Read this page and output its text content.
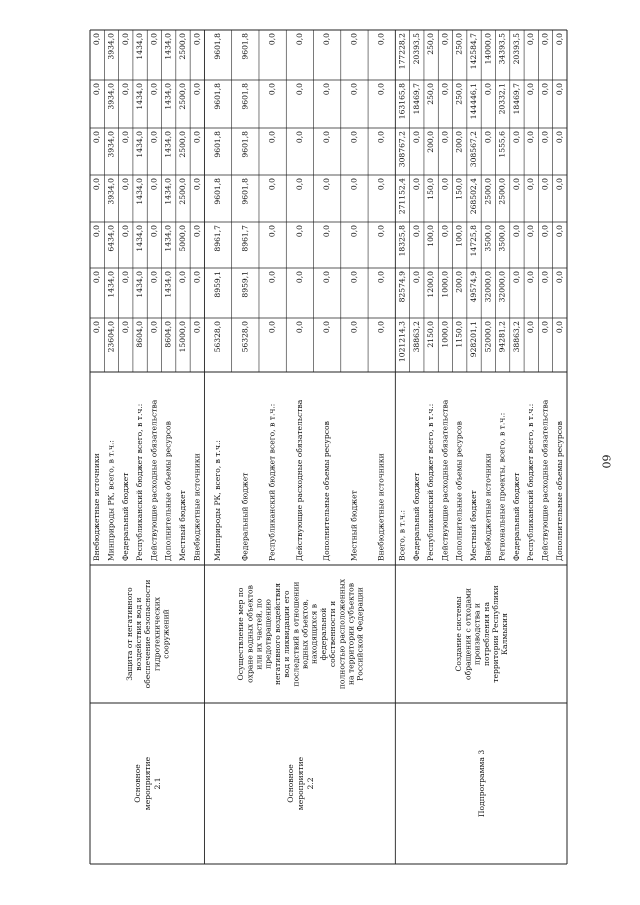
Основноемероприятие2.1
Защита от негативноговоздействия вод иобеспечение безопасностигидротехническихсооружений
Основноемероприятие2.2
Осуществление мер поохране водных объектовили их частей, попредотвращениюнегативного воздействиявод и ликвидации егопоследствий в отношенииводных объектов,находящихся вфедеральнойсобственности иполностью расположенныхна территории субъектовРоссийской Федерации
Подпрограмма 3
Создание системыобращения с отходамипроизводства ипотребления натерритории РеспубликиКалмыкия
Внебюджетные источники
0,0
0,0
0,0
0,0
0,0
0,0
0,0
Минприроды РК, всего, в т.ч.:
23604,0
1434,0
6434,0
3934,0
3934,0
3934,0
3934,0
Федеральный бюджет
0,0
0,0
0,0
0,0
0,0
0,0
0,0
Республиканский бюджет всего, в т.ч.:
8604,0
1434,0
1434,0
1434,0
1434,0
1434,0
1434,0
Действующие расходные обязательства
0,0
0,0
0,0
0,0
0,0
0,0
0,0
Дополнительные объемы ресурсов
8604,0
1434,0
1434,0
1434,0
1434,0
1434,0
1434,0
Местный бюджет
15000,0
0,0
5000,0
2500,0
2500,0
2500,0
2500,0
Внебюджетные источники
0,0
0,0
0,0
0,0
0,0
0,0
0,0
Минприроды РК, всего, в т.ч.:
56328,0
8959,1
8961,7
9601,8
9601,8
9601,8
9601,8
Федеральный бюджет
56328,0
8959,1
8961,7
9601,8
9601,8
9601,8
9601,8
Республиканский бюджет всего, в т.ч.:
0,0
0,0
0,0
0,0
0,0
0,0
0,0
Действующие расходные обязательства
0,0
0,0
0,0
0,0
0,0
0,0
0,0
Дополнительные объемы ресурсов
0,0
0,0
0,0
0,0
0,0
0,0
0,0
Местный бюджет
0,0
0,0
0,0
0,0
0,0
0,0
0,0
Внебюджетные источники
0,0
0,0
0,0
0,0
0,0
0,0
0,0
Всего, в т.ч.:
1021214,3
82574,9
18325,8
271152,4
308767,2
163165,8
177228,2
Федеральный бюджет
38863,2
0,0
0,0
0,0
0,0
18469,7
20393,5
Республиканский бюджет всего, в т.ч.:
2150,0
1200,0
100,0
150,0
200,0
250,0
250,0
Действующие расходные обязательства
1000,0
1000,0
0,0
0,0
0,0
0,0
0,0
Дополнительные объемы ресурсов
1150,0
200,0
100,0
150,0
200,0
250,0
250,0
Местный бюджет
928201,1
49574,9
14725,8
268502,4
308567,2
144446,1
142584,7
Внебюджетные источники
52000,0
32000,0
3500,0
2500,0
0,0
0,0
14000,0
Региональные проекты, всего, в т.ч.:
94281,2
32000,0
3500,0
2500,0
1555,6
20332,1
34393,5
Федеральный бюджет
38863,2
0,0
0,0
0,0
0,0
18469,7
20393,5
Республиканский бюджет всего, в т.ч.:
0,0
0,0
0,0
0,0
0,0
0,0
0,0
Действующие расходные обязательства
0,0
0,0
0,0
0,0
0,0
0,0
0,0
Дополнительные объемы ресурсов
0,0
0,0
0,0
0,0
0,0
0,0
0,0
60
